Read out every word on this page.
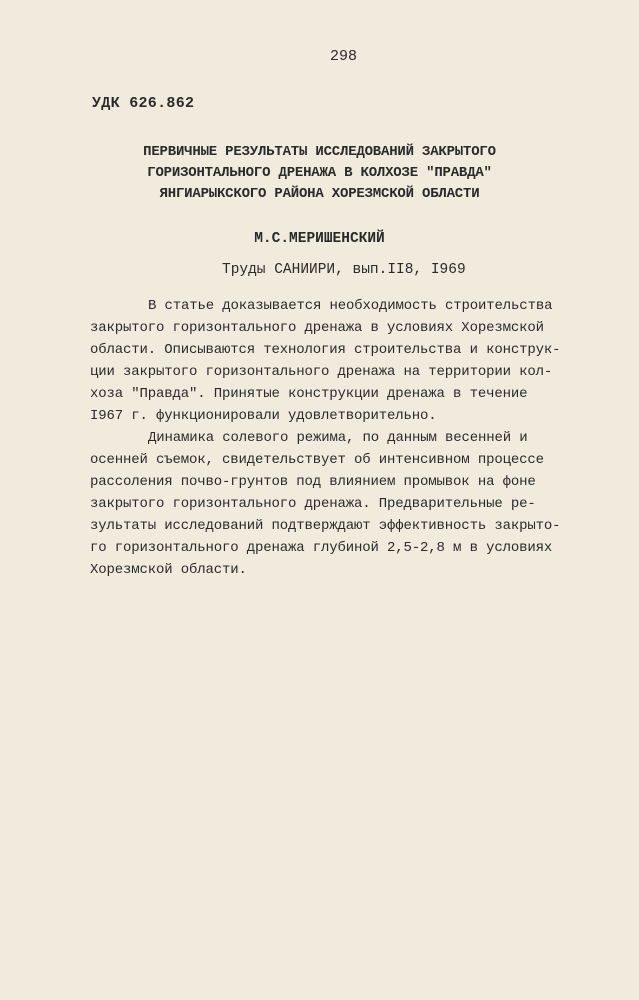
298
УДК 626.862
ПЕРВИЧНЫЕ РЕЗУЛЬТАТЫ ИССЛЕДОВАНИЙ ЗАКРЫТОГО
ГОРИЗОНТАЛЬНОГО ДРЕНАЖА В КОЛХОЗЕ "ПРАВДА"
ЯНГИАРЫКСКОГО РАЙОНА ХОРЕЗМСКОЙ ОБЛАСТИ
М.С.МЕРИШЕНСКИЙ
Труды САНИИРИ, вып.II8, I969
В статье доказывается необходимость строительства
закрытого горизонтального дренажа в условиях Хорезмской
области. Описываются технология строительства и конструк-
ции закрытого горизонтального дренажа на территории кол-
хоза "Правда". Принятые конструкции дренажа в течение
I967 г. функционировали удовлетворительно.
Динамика солевого режима, по данным весенней и
осенней съемок, свидетельствует об интенсивном процессе
рассоления почво-грунтов под влиянием промывок на фоне
закрытого горизонтального дренажа. Предварительные ре-
зультаты исследований подтверждают эффективность закрыто-
го горизонтального дренажа глубиной 2,5-2,8 м в условиях
Хорезмской области.
